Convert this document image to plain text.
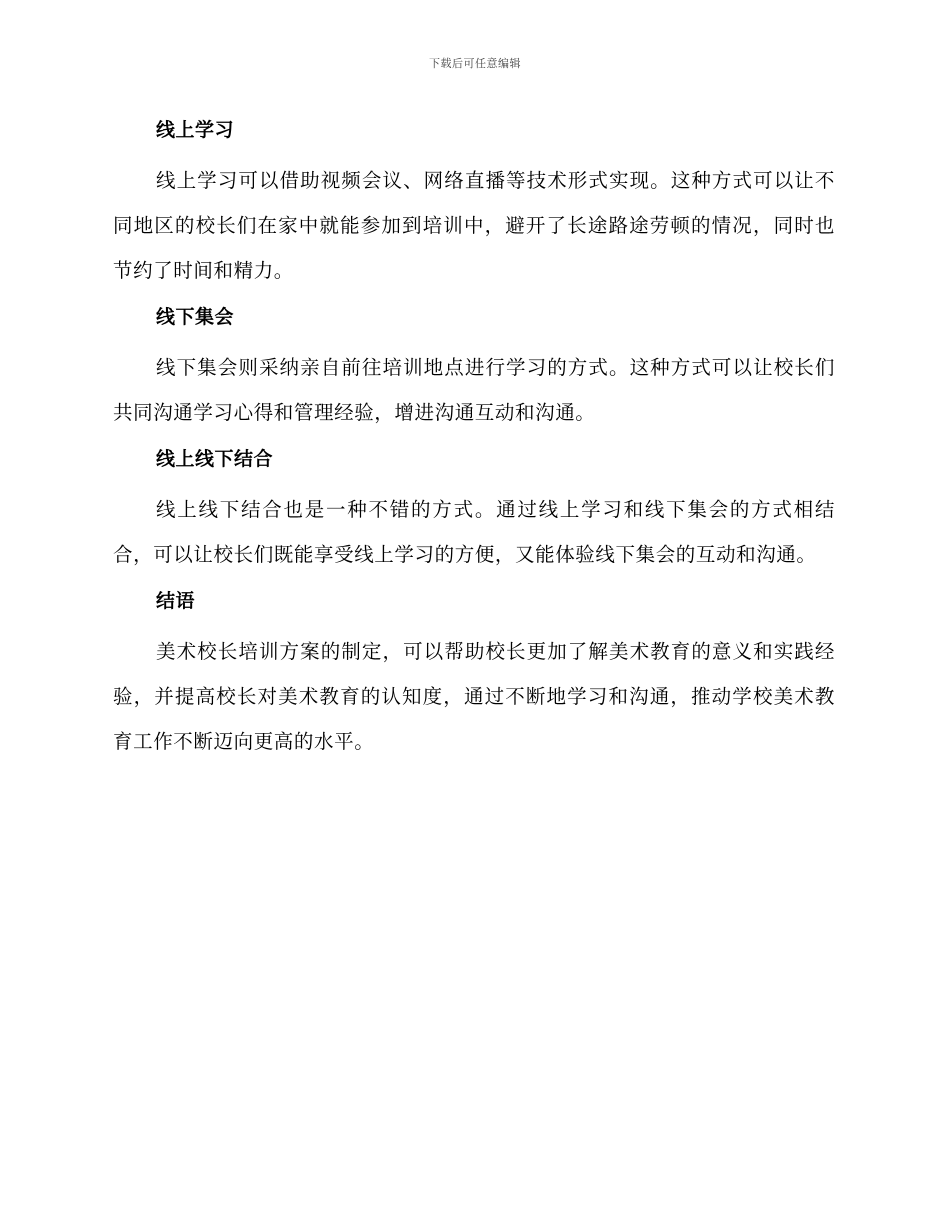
下载后可任意编辑
线上学习

线上学习可以借助视频会议、网络直播等技术形式实现。这种方式可以让不同地区的校长们在家中就能参加到培训中，避开了长途路途劳顿的情况，同时也节约了时间和精力。

线下集会

线下集会则采纳亲自前往培训地点进行学习的方式。这种方式可以让校长们共同沟通学习心得和管理经验，增进沟通互动和沟通。

线上线下结合

线上线下结合也是一种不错的方式。通过线上学习和线下集会的方式相结合，可以让校长们既能享受线上学习的方便，又能体验线下集会的互动和沟通。

结语

美术校长培训方案的制定，可以帮助校长更加了解美术教育的意义和实践经验，并提高校长对美术教育的认知度，通过不断地学习和沟通，推动学校美术教育工作不断迈向更高的水平。
